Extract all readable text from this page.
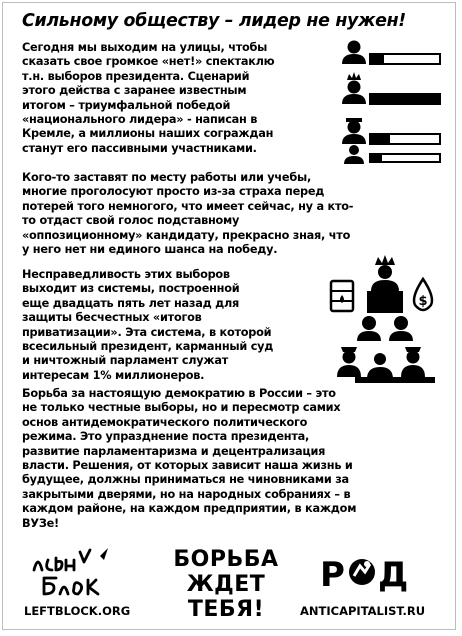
Сильному обществу – лидер не нужен!

Сегодня мы выходим на улицы, чтобы
сказать свое громкое «нет!» спектаклю
т.н. выборов президента. Сценарий
этого действа с заранее известным
итогом – триумфальной победой
«национального лидера» - написан в
Кремле, а миллионы наших сограждан
станут его пассивными участниками.

Кого-то заставят по месту работы или учебы,
многие проголосуют просто из-за страха перед
потерей того немногого, что имеет сейчас, ну а кто-
то отдаст свой голос подставному
«оппозиционному» кандидату, прекрасно зная, что
у него нет ни единого шанса на победу.

Несправедливость этих выборов
выходит из системы, построенной
еще двадцать пять лет назад для
защиты бесчестных «итогов
приватизации». Эта система, в которой
всесильный президент, карманный суд
и ничтожный парламент служат
интересам 1% миллионеров.

Борьба за настоящую демократию в России – это
не только честные выборы, но и пересмотр самих
основ антидемократического политического
режима. Это упразднение поста президента,
развитие парламентаризма и децентрализация
власти. Решения, от которых зависит наша жизнь и
будущее, должны приниматься не чиновниками за
закрытыми дверями, но на народных собраниях – в
каждом районе, на каждом предприятии, в каждом
ВУЗе!

$
LEFTBLOCK.ORG
БОРЬБА
ЖДЕТ
ТЕБЯ!
Р Д
ANTICAPITALIST.RU
